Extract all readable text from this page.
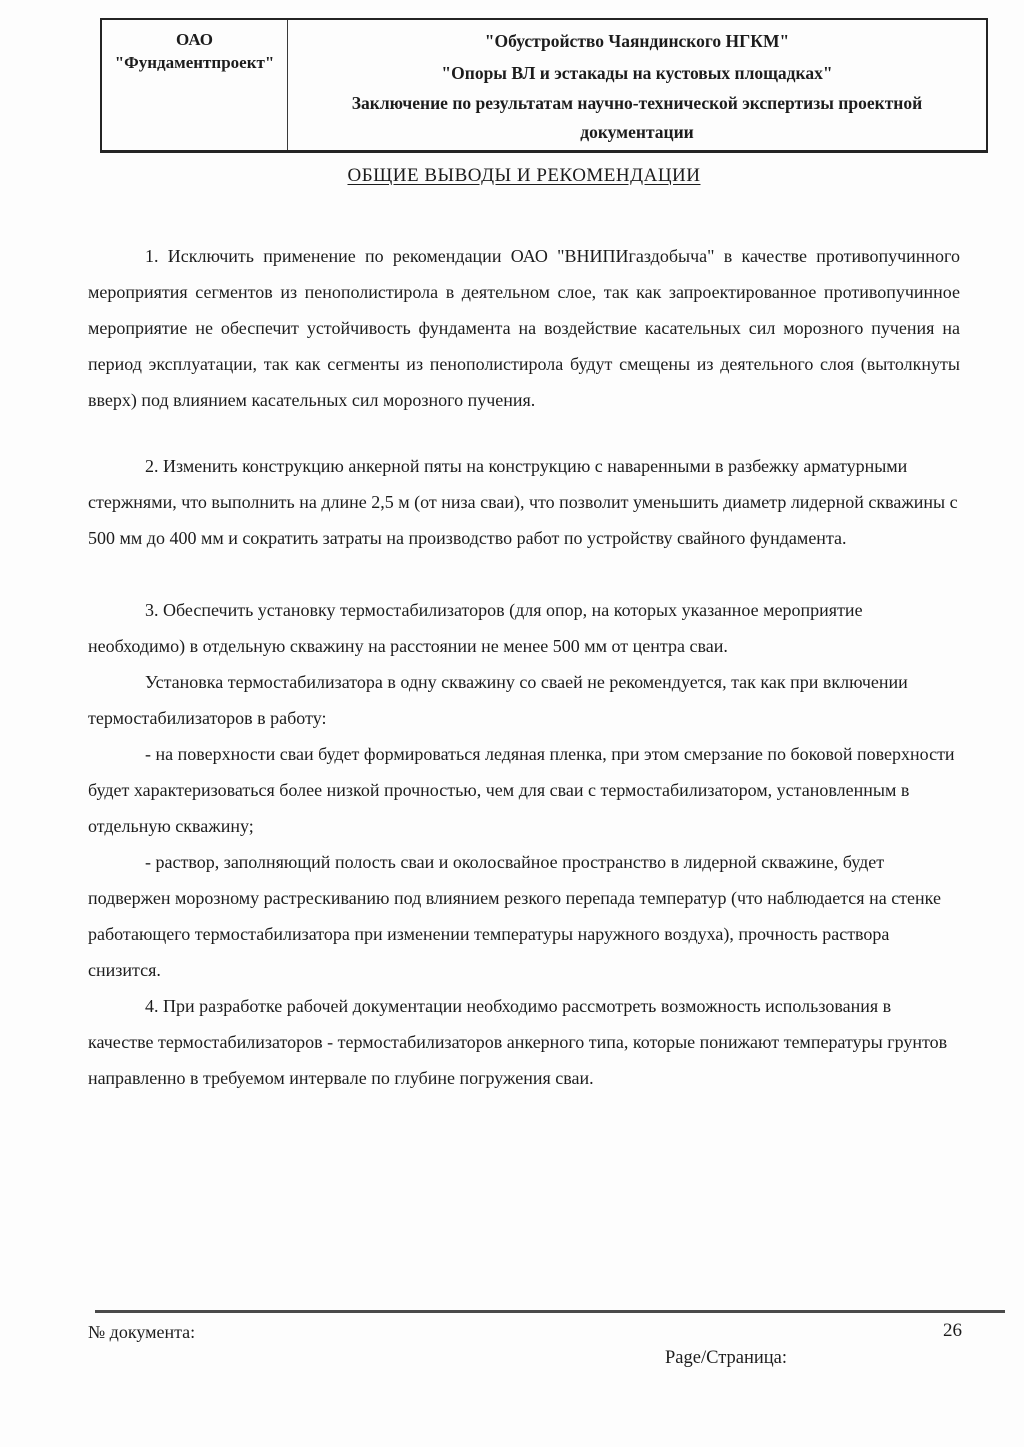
ОАО
"Фундаментпроект"
"Обустройство Чаяндинского НГКМ"
"Опоры ВЛ и эстакады на кустовых площадках"
Заключение по результатам научно-технической экспертизы проектной документации
ОБЩИЕ ВЫВОДЫ И РЕКОМЕНДАЦИИ

1. Исключить применение по рекомендации ОАО "ВНИПИгаздобыча" в качестве противопучинного мероприятия сегментов из пенополистирола в деятельном слое, так как запроектированное противопучинное мероприятие не обеспечит устойчивость фундамента на воздействие касательных сил морозного пучения на период эксплуатации, так как сегменты из пенополистирола будут смещены из деятельного слоя (вытолкнуты вверх) под влиянием касательных сил морозного пучения.

2. Изменить конструкцию анкерной пяты на конструкцию с наваренными в разбежку арматурными стержнями, что выполнить на длине 2,5 м (от низа сваи), что позволит уменьшить диаметр лидерной скважины с 500 мм до 400 мм и сократить затраты на производство работ по устройству свайного фундамента.

3. Обеспечить установку термостабилизаторов (для опор, на которых указанное мероприятие необходимо) в отдельную скважину на расстоянии не менее 500 мм от центра сваи.

Установка термостабилизатора в одну скважину со сваей не рекомендуется, так как при включении термостабилизаторов в работу:

- на поверхности сваи будет формироваться ледяная пленка, при этом смерзание по боковой поверхности будет характеризоваться более низкой прочностью, чем для сваи с термостабилизатором, установленным в отдельную скважину;

- раствор, заполняющий полость сваи и околосвайное пространство в лидерной скважине, будет подвержен морозному растрескиванию под влиянием резкого перепада температур (что наблюдается на стенке работающего термостабилизатора при изменении температуры наружного воздуха), прочность раствора снизится.

4. При разработке рабочей документации необходимо рассмотреть возможность использования в качестве термостабилизаторов - термостабилизаторов анкерного типа, которые понижают температуры грунтов направленно в требуемом интервале по глубине погружения сваи.

№ документа:	26
Page/Страница:
